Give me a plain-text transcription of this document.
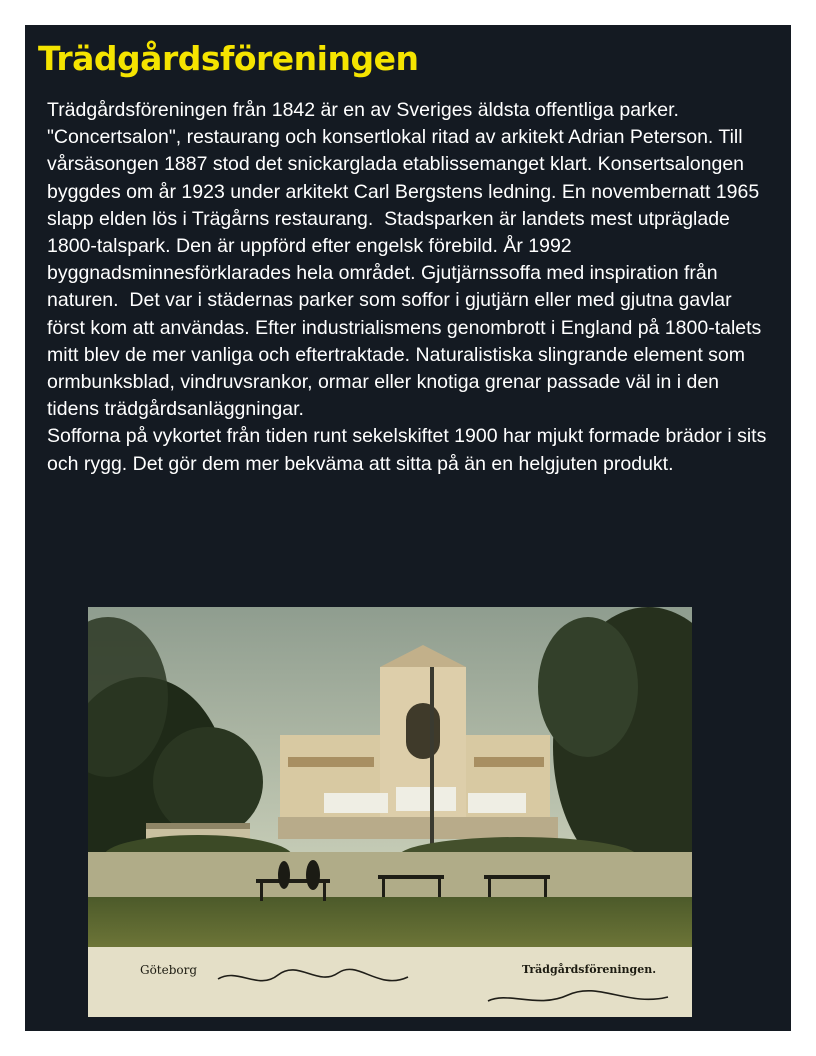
Trädgårdsföreningen

Trädgårdsföreningen från 1842 är en av Sveriges äldsta offentliga parker. "Concertsalon", restaurang och konsertlokal ritad av arkitekt Adrian Peterson. Till vårsäsongen 1887 stod det snickarglada etablissemanget klart. Konsertsalongen byggdes om år 1923 under arkitekt Carl Bergstens ledning. En novembernatt 1965 slapp elden lös i Trägårns restaurang.  Stadsparken är landets mest utpräglade 1800-talspark. Den är uppförd efter engelsk förebild. År 1992 byggnadsminnesförklarades hela området. Gjutjärnssoffa med inspiration från naturen.  Det var i städernas parker som soffor i gjutjärn eller med gjutna gavlar först kom att användas. Efter industrialismens genombrott i England på 1800-talets mitt blev de mer vanliga och eftertraktade. Naturalistiska slingrande element som ormbunksblad, vindruvsrankor, ormar eller knotiga grenar passade väl in i den tidens trädgårdsanläggningar.
Sofforna på vykortet från tiden runt sekelskiftet 1900 har mjukt formade brädor i sits och rygg. Det gör dem mer bekväma att sitta på än en helgjuten produkt.

Göteborg	Trädgårdsföreningen.
